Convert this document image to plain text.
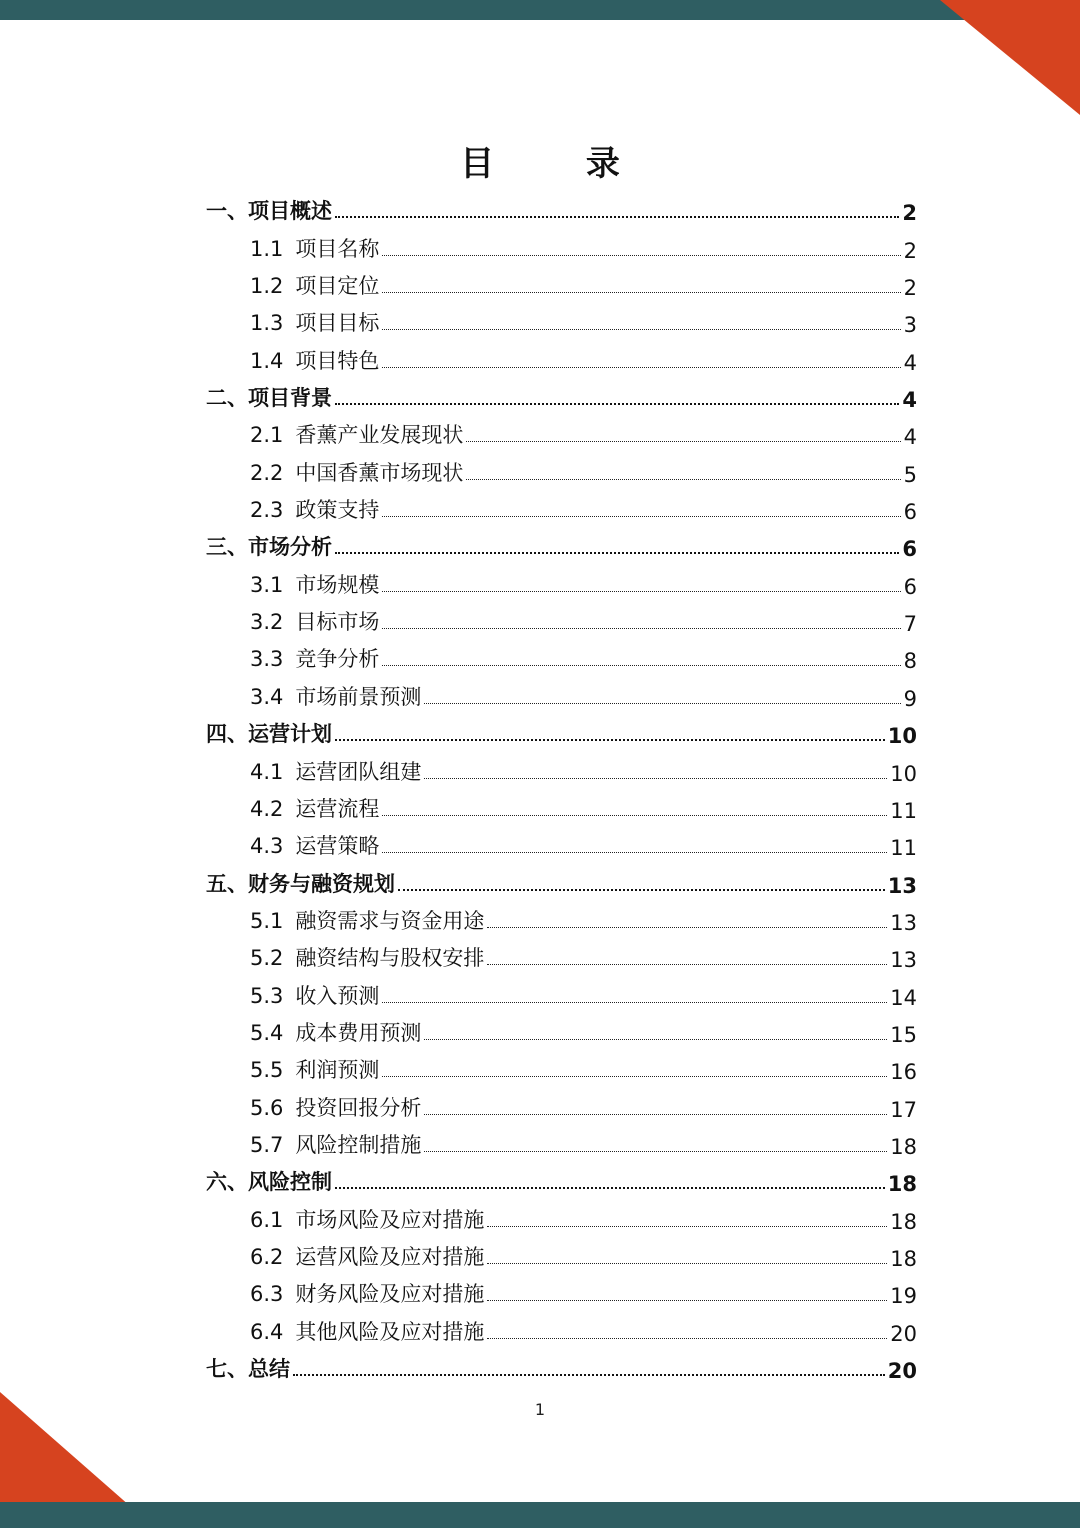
目 录
一、项目概述	2
1.1 项目名称	2
1.2 项目定位	2
1.3 项目目标	3
1.4 项目特色	4
二、项目背景	4
2.1 香薰产业发展现状	4
2.2 中国香薰市场现状	5
2.3 政策支持	6
三、市场分析	6
3.1 市场规模	6
3.2 目标市场	7
3.3 竞争分析	8
3.4 市场前景预测	9
四、运营计划	10
4.1 运营团队组建	10
4.2 运营流程	11
4.3 运营策略	11
五、财务与融资规划	13
5.1 融资需求与资金用途	13
5.2 融资结构与股权安排	13
5.3 收入预测	14
5.4 成本费用预测	15
5.5 利润预测	16
5.6 投资回报分析	17
5.7 风险控制措施	18
六、风险控制	18
6.1 市场风险及应对措施	18
6.2 运营风险及应对措施	18
6.3 财务风险及应对措施	19
6.4 其他风险及应对措施	20
七、总结	20
1
